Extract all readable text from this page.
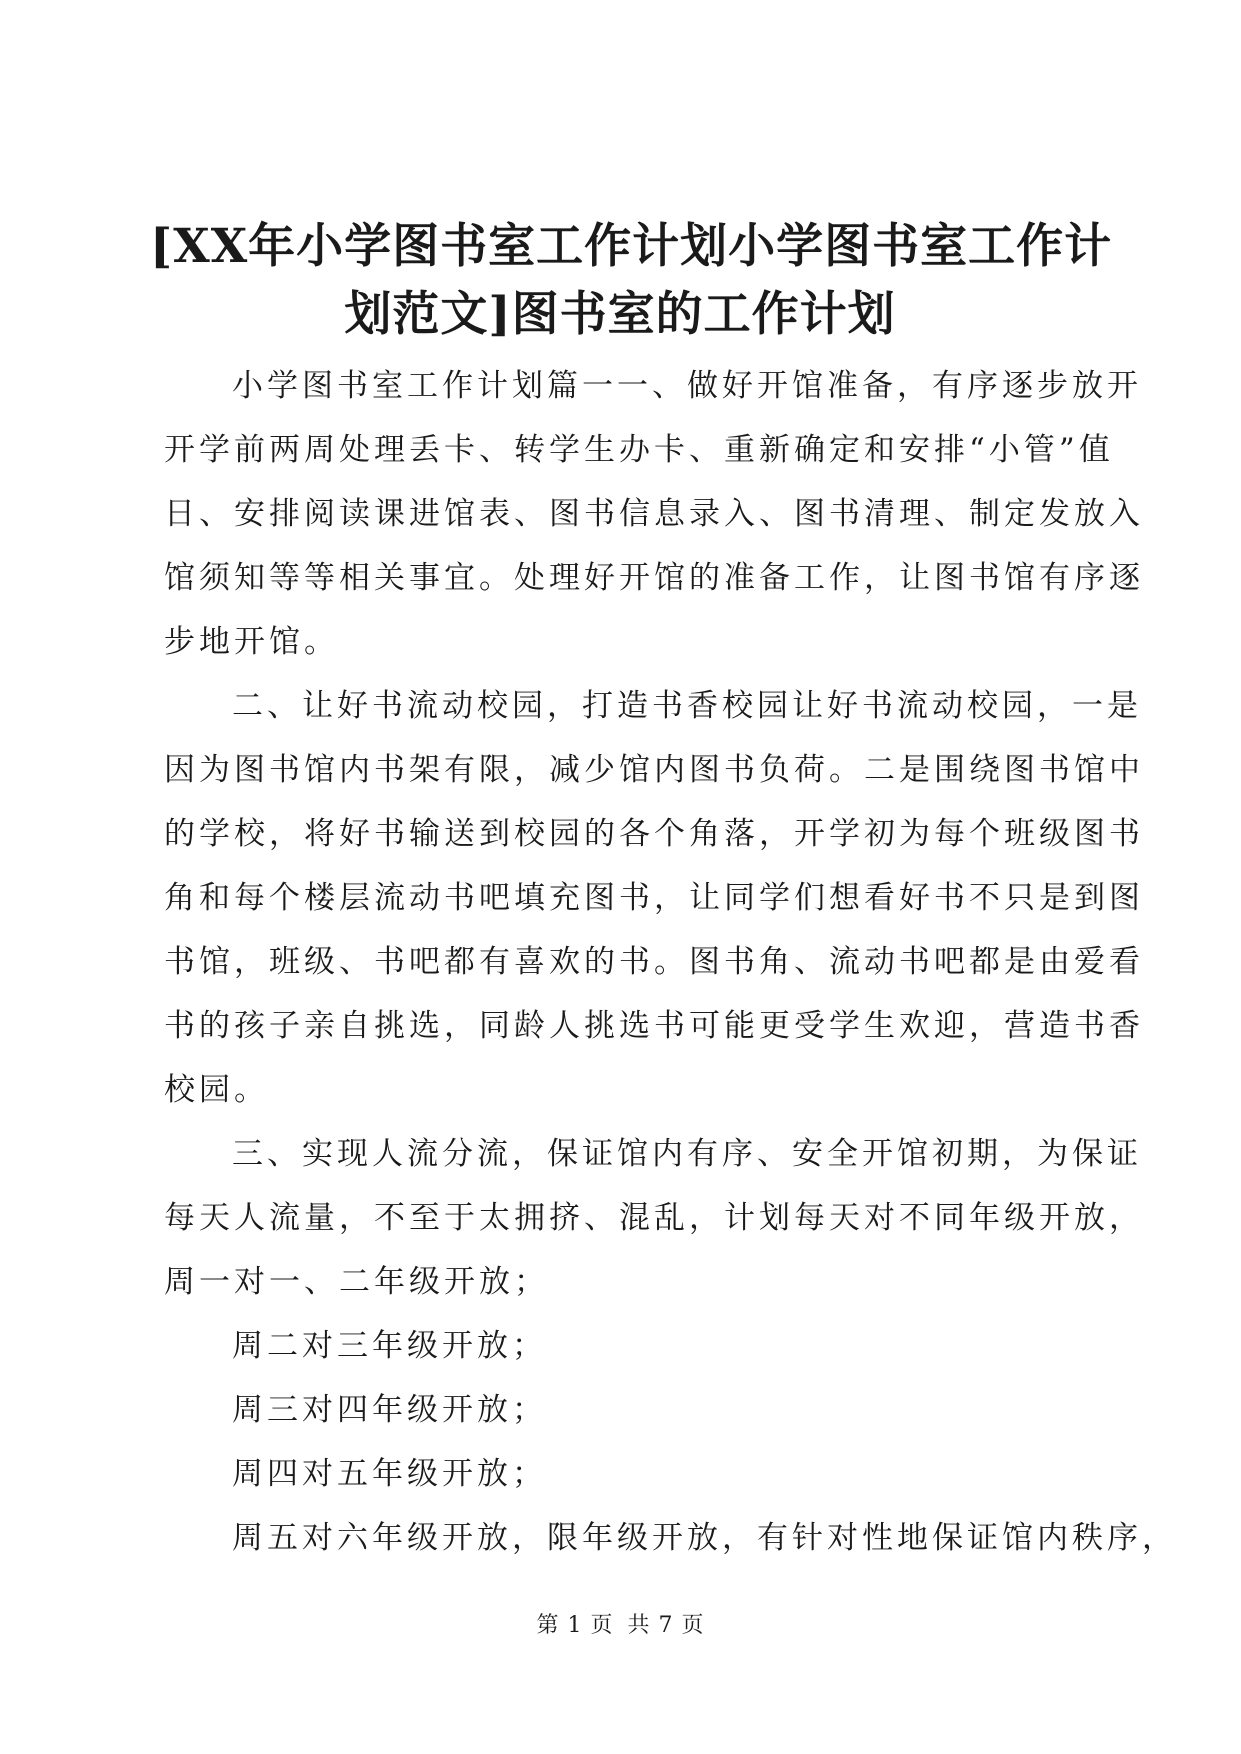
[XX年小学图书室工作计划小学图书室工作计
划范文]图书室的工作计划

小学图书室工作计划篇一一、做好开馆准备，有序逐步放开

开学前两周处理丢卡、转学生办卡、重新确定和安排“小管”值

日、安排阅读课进馆表、图书信息录入、图书清理、制定发放入

馆须知等等相关事宜。处理好开馆的准备工作，让图书馆有序逐

步地开馆。

二、让好书流动校园，打造书香校园让好书流动校园，一是

因为图书馆内书架有限，减少馆内图书负荷。二是围绕图书馆中

的学校，将好书输送到校园的各个角落，开学初为每个班级图书

角和每个楼层流动书吧填充图书，让同学们想看好书不只是到图

书馆，班级、书吧都有喜欢的书。图书角、流动书吧都是由爱看

书的孩子亲自挑选，同龄人挑选书可能更受学生欢迎，营造书香

校园。

三、实现人流分流，保证馆内有序、安全开馆初期，为保证

每天人流量，不至于太拥挤、混乱，计划每天对不同年级开放，

周一对一、二年级开放；

周二对三年级开放；

周三对四年级开放；

周四对五年级开放；

周五对六年级开放，限年级开放，有针对性地保证馆内秩序，

第 1 页 共 7 页
